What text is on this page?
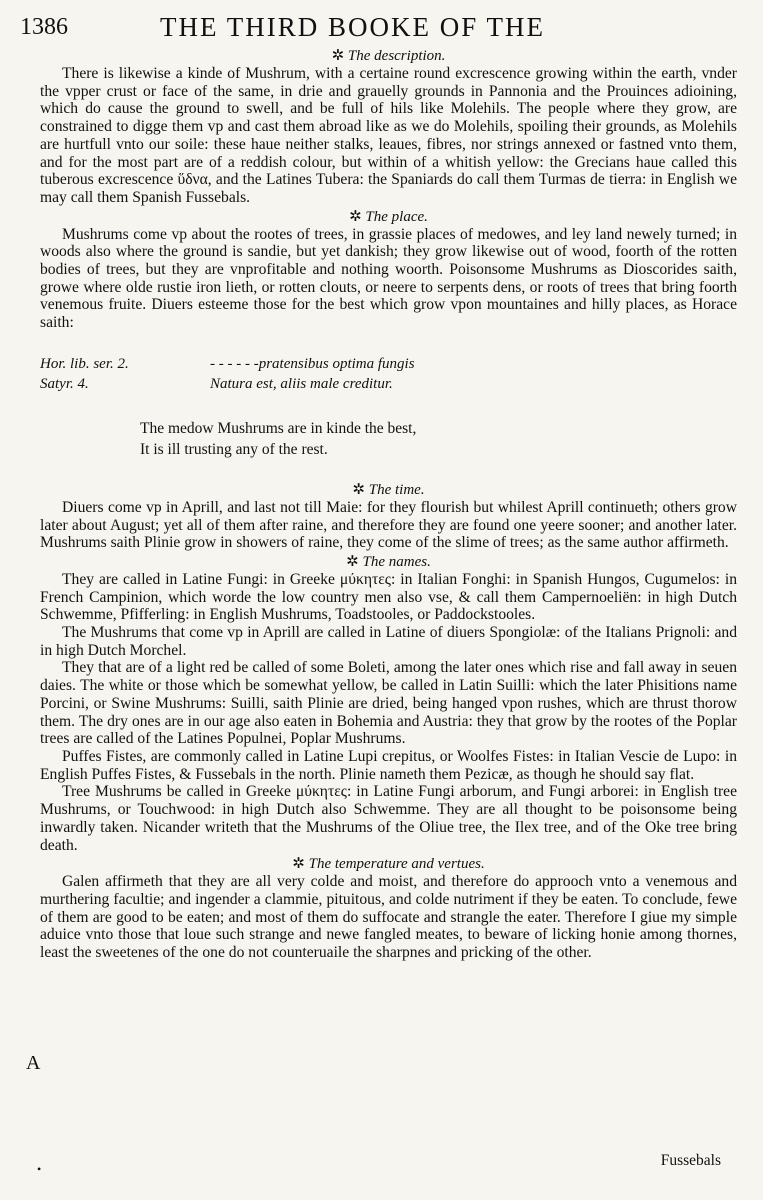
1386	THE THIRD BOOKE OF THE
✲ The description.

There is likewise a kinde of Mushrum, with a certaine round excrescence growing within the earth, vnder the vpper crust or face of the same, in drie and grauelly grounds in Pannonia and the Prouinces adioining, which do cause the ground to swell, and be full of hils like Molehils. The people where they grow, are constrained to digge them vp and cast them abroad like as we do Molehils, spoiling their grounds, as Molehils are hurtfull vnto our soile: these haue neither stalks, leaues, fibres, nor strings annexed or fastned vnto them, and for the most part are of a reddish colour, but within of a whitish yellow: the Grecians haue called this tuberous excrescence ὕδνα, and the Latines Tubera: the Spaniards do call them Turmas de tierra: in English we may call them Spanish Fussebals.

✲ The place.

Mushrums come vp about the rootes of trees, in grassie places of medowes, and ley land newely turned; in woods also where the ground is sandie, but yet dankish; they grow likewise out of wood, foorth of the rotten bodies of trees, but they are vnprofitable and nothing woorth. Poisonsome Mushrums as Dioscorides saith, growe where olde rustie iron lieth, or rotten clouts, or neere to serpents dens, or roots of trees that bring foorth venemous fruite. Diuers esteeme those for the best which grow vpon mountaines and hilly places, as Horace saith:

Hor. lib. ser. 2.
Satyr. 4.
- - - - - -pratensibus optima fungis
Natura est, aliis male creditur.
The medow Mushrums are in kinde the best,
It is ill trusting any of the rest.
✲ The time.

Diuers come vp in Aprill, and last not till Maie: for they flourish but whilest Aprill continueth; others grow later about August; yet all of them after raine, and therefore they are found one yeere sooner; and another later. Mushrums saith Plinie grow in showers of raine, they come of the slime of trees; as the same author affirmeth.

✲ The names.

They are called in Latine Fungi: in Greeke μύκητες: in Italian Fonghi: in Spanish Hungos, Cugumelos: in French Campinion, which worde the low country men also vse, & call them Campernoeliën: in high Dutch Schwemme, Pfifferling: in English Mushrums, Toadstooles, or Paddockstooles.

The Mushrums that come vp in Aprill are called in Latine of diuers Spongiolæ: of the Italians Prignoli: and in high Dutch Morchel.

They that are of a light red be called of some Boleti, among the later ones which rise and fall away in seuen daies. The white or those which be somewhat yellow, be called in Latin Suilli: which the later Phisitions name Porcini, or Swine Mushrums: Suilli, saith Plinie are dried, being hanged vpon rushes, which are thrust thorow them. The dry ones are in our age also eaten in Bohemia and Austria: they that grow by the rootes of the Poplar trees are called of the Latines Populnei, Poplar Mushrums.

Puffes Fistes, are commonly called in Latine Lupi crepitus, or Woolfes Fistes: in Italian Vescie de Lupo: in English Puffes Fistes, & Fussebals in the north. Plinie nameth them Pezicæ, as though he should say flat.

Tree Mushrums be called in Greeke μύκητες: in Latine Fungi arborum, and Fungi arborei: in English tree Mushrums, or Touchwood: in high Dutch also Schwemme. They are all thought to be poisonsome being inwardly taken. Nicander writeth that the Mushrums of the Oliue tree, the Ilex tree, and of the Oke tree bring death.

✲ The temperature and vertues.

Galen affirmeth that they are all very colde and moist, and therefore do approoch vnto a venemous and murthering facultie; and ingender a clammie, pituitous, and colde nutriment if they be eaten. To conclude, fewe of them are good to be eaten; and most of them do suffocate and strangle the eater. Therefore I giue my simple aduice vnto those that loue such strange and newe fangled meates, to beware of licking honie among thornes, least the sweetenes of the one do not counteruaile the sharpnes and pricking of the other.

A
•	Fussebals
